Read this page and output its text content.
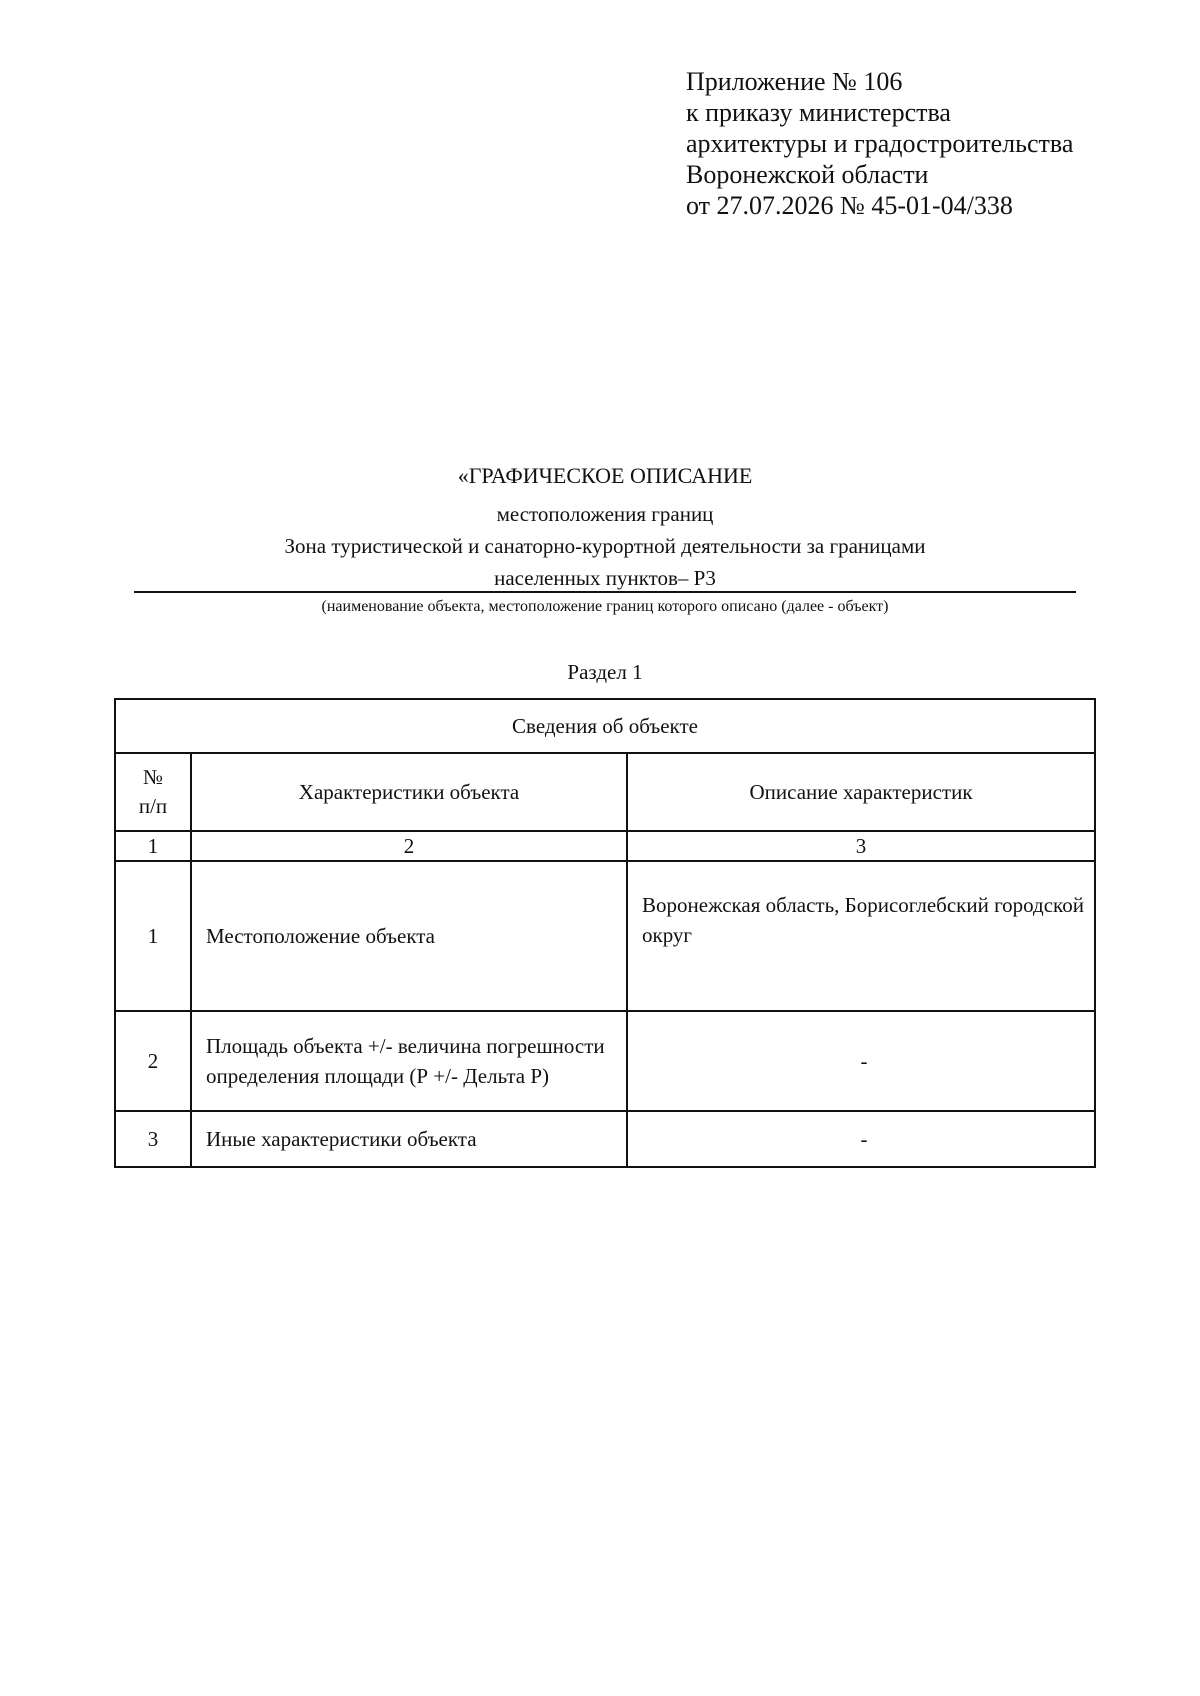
Приложение № 106
к приказу министерства
архитектуры и градостроительства
Воронежской области
от 27.07.2026 № 45-01-04/338
«ГРАФИЧЕСКОЕ ОПИСАНИЕ
местоположения границ
Зона туристической и санаторно-курортной деятельности за границами
населенных пунктов– Р3
(наименование объекта, местоположение границ которого описано (далее - объект)
Раздел 1
Сведения об объекте		
№
п/п	Характеристики объекта	Описание характеристик
1	2	3
1	Местоположение объекта	Воронежская область, Борисоглебский городской округ
2	Площадь объекта +/- величина погрешности определения площади (Р +/- Дельта Р)	-
3	Иные характеристики объекта	-
